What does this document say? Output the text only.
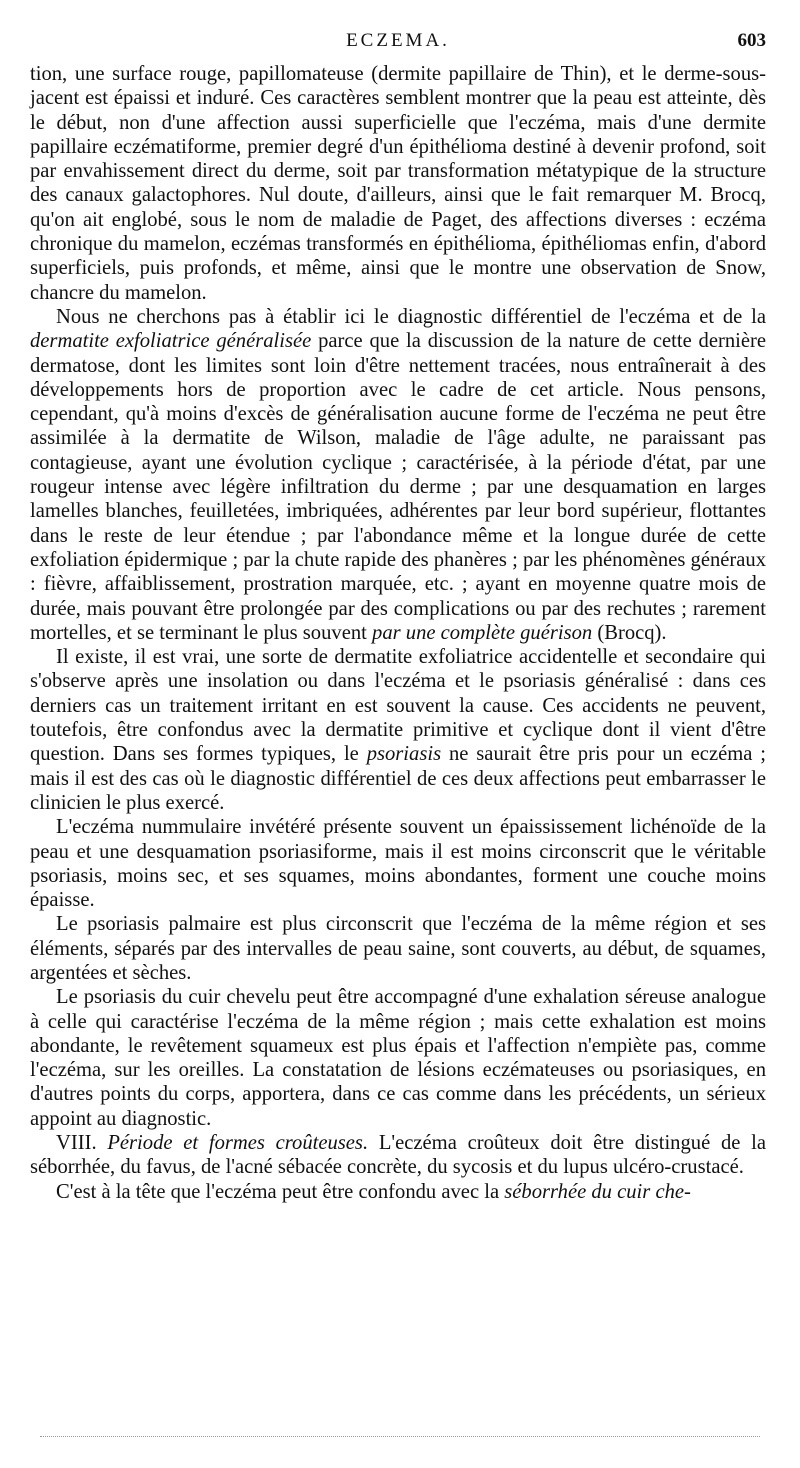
ECZEMA.	603

tion, une surface rouge, papillomateuse (dermite papillaire de Thin), et le derme-sous-jacent est épaissi et induré. Ces caractères semblent montrer que la peau est atteinte, dès le début, non d'une affection aussi superficielle que l'eczéma, mais d'une dermite papillaire eczématiforme, premier degré d'un épithélioma destiné à devenir profond, soit par envahissement direct du derme, soit par transformation métatypique de la structure des canaux galactophores. Nul doute, d'ailleurs, ainsi que le fait remarquer M. Brocq, qu'on ait englobé, sous le nom de maladie de Paget, des affections diverses : eczéma chronique du mamelon, eczémas transformés en épithélioma, épithéliomas enfin, d'abord superficiels, puis profonds, et même, ainsi que le montre une observation de Snow, chancre du mamelon.

Nous ne cherchons pas à établir ici le diagnostic différentiel de l'eczéma et de la dermatite exfoliatrice généralisée parce que la discussion de la nature de cette dernière dermatose, dont les limites sont loin d'être nettement tracées, nous entraînerait à des développements hors de proportion avec le cadre de cet article. Nous pensons, cependant, qu'à moins d'excès de généralisation aucune forme de l'eczéma ne peut être assimilée à la dermatite de Wilson, maladie de l'âge adulte, ne paraissant pas contagieuse, ayant une évolution cyclique ; caractérisée, à la période d'état, par une rougeur intense avec légère infiltration du derme ; par une desquamation en larges lamelles blanches, feuilletées, imbriquées, adhérentes par leur bord supérieur, flottantes dans le reste de leur étendue ; par l'abondance même et la longue durée de cette exfoliation épidermique ; par la chute rapide des phanères ; par les phénomènes généraux : fièvre, affaiblissement, prostration marquée, etc. ; ayant en moyenne quatre mois de durée, mais pouvant être prolongée par des complications ou par des rechutes ; rarement mortelles, et se terminant le plus souvent par une complète guérison (Brocq).

Il existe, il est vrai, une sorte de dermatite exfoliatrice accidentelle et secondaire qui s'observe après une insolation ou dans l'eczéma et le psoriasis généralisé : dans ces derniers cas un traitement irritant en est souvent la cause. Ces accidents ne peuvent, toutefois, être confondus avec la dermatite primitive et cyclique dont il vient d'être question. Dans ses formes typiques, le psoriasis ne saurait être pris pour un eczéma ; mais il est des cas où le diagnostic différentiel de ces deux affections peut embarrasser le clinicien le plus exercé.

L'eczéma nummulaire invétéré présente souvent un épaississement lichénoïde de la peau et une desquamation psoriasiforme, mais il est moins circonscrit que le véritable psoriasis, moins sec, et ses squames, moins abondantes, forment une couche moins épaisse.

Le psoriasis palmaire est plus circonscrit que l'eczéma de la même région et ses éléments, séparés par des intervalles de peau saine, sont couverts, au début, de squames, argentées et sèches.

Le psoriasis du cuir chevelu peut être accompagné d'une exhalation séreuse analogue à celle qui caractérise l'eczéma de la même région ; mais cette exhalation est moins abondante, le revêtement squameux est plus épais et l'affection n'empiète pas, comme l'eczéma, sur les oreilles. La constatation de lésions eczémateuses ou psoriasiques, en d'autres points du corps, apportera, dans ce cas comme dans les précédents, un sérieux appoint au diagnostic.

VIII. Période et formes croûteuses. L'eczéma croûteux doit être distingué de la séborrhée, du favus, de l'acné sébacée concrète, du sycosis et du lupus ulcéro-crustacé.

C'est à la tête que l'eczéma peut être confondu avec la séborrhée du cuir che-
